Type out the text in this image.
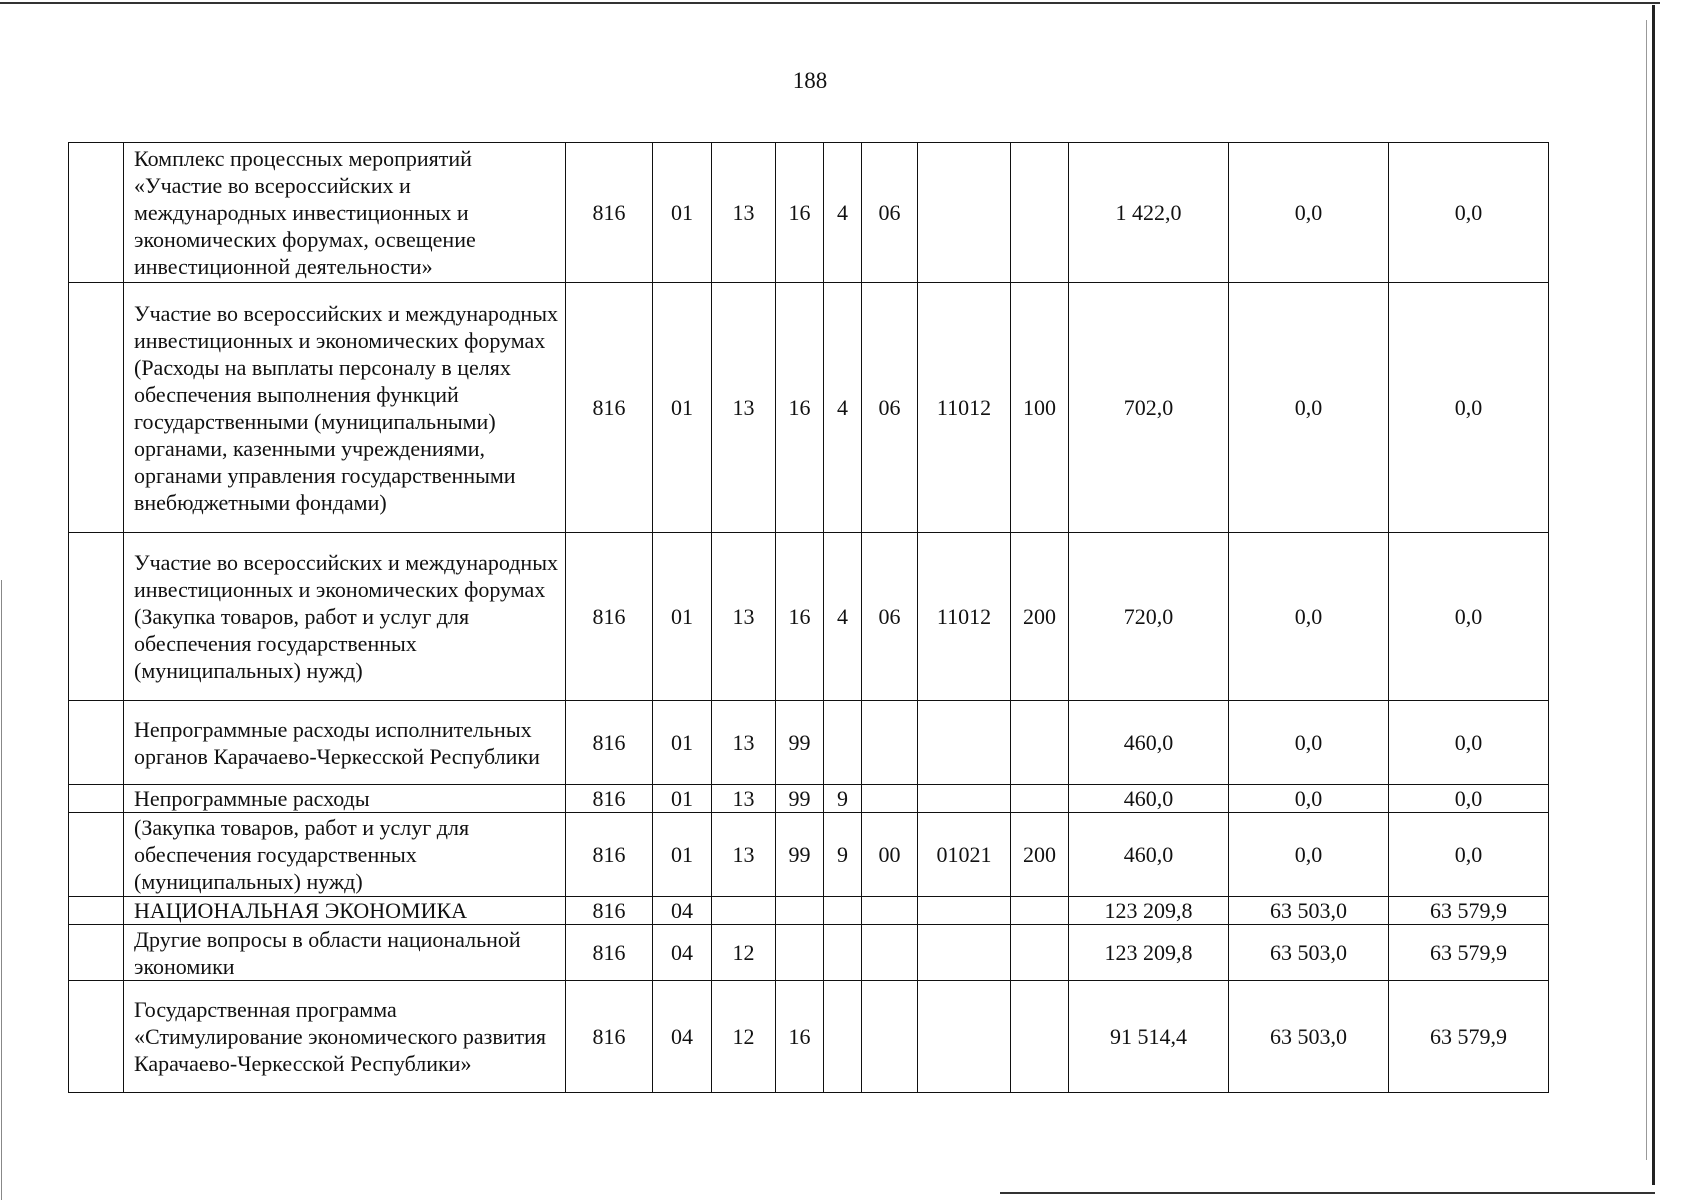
188
	Комплекс процессных мероприятий «Участие во всероссийских и международных инвестиционных и экономических форумах, освещение инвестиционной деятельности»	816	01	13	16	4	06			1 422,0	0,0	0,0
	Участие во всероссийских и международных инвестиционных и экономических форумах (Расходы на выплаты персоналу в целях обеспечения выполнения функций государственными (муниципальными) органами, казенными учреждениями, органами управления государственными внебюджетными фондами)	816	01	13	16	4	06	11012	100	702,0	0,0	0,0
	Участие во всероссийских и международных инвестиционных и экономических форумах (Закупка товаров, работ и услуг для обеспечения государственных (муниципальных) нужд)	816	01	13	16	4	06	11012	200	720,0	0,0	0,0
	Непрограммные расходы исполнительных органов Карачаево-Черкесской Республики	816	01	13	99					460,0	0,0	0,0
	Непрограммные расходы	816	01	13	99	9				460,0	0,0	0,0
	(Закупка товаров, работ и услуг для обеспечения государственных (муниципальных) нужд)	816	01	13	99	9	00	01021	200	460,0	0,0	0,0
	НАЦИОНАЛЬНАЯ ЭКОНОМИКА	816	04							123 209,8	63 503,0	63 579,9
	Другие вопросы в области национальной экономики	816	04	12						123 209,8	63 503,0	63 579,9
	Государственная программа «Стимулирование экономического развития Карачаево-Черкесской Республики»	816	04	12	16					91 514,4	63 503,0	63 579,9
